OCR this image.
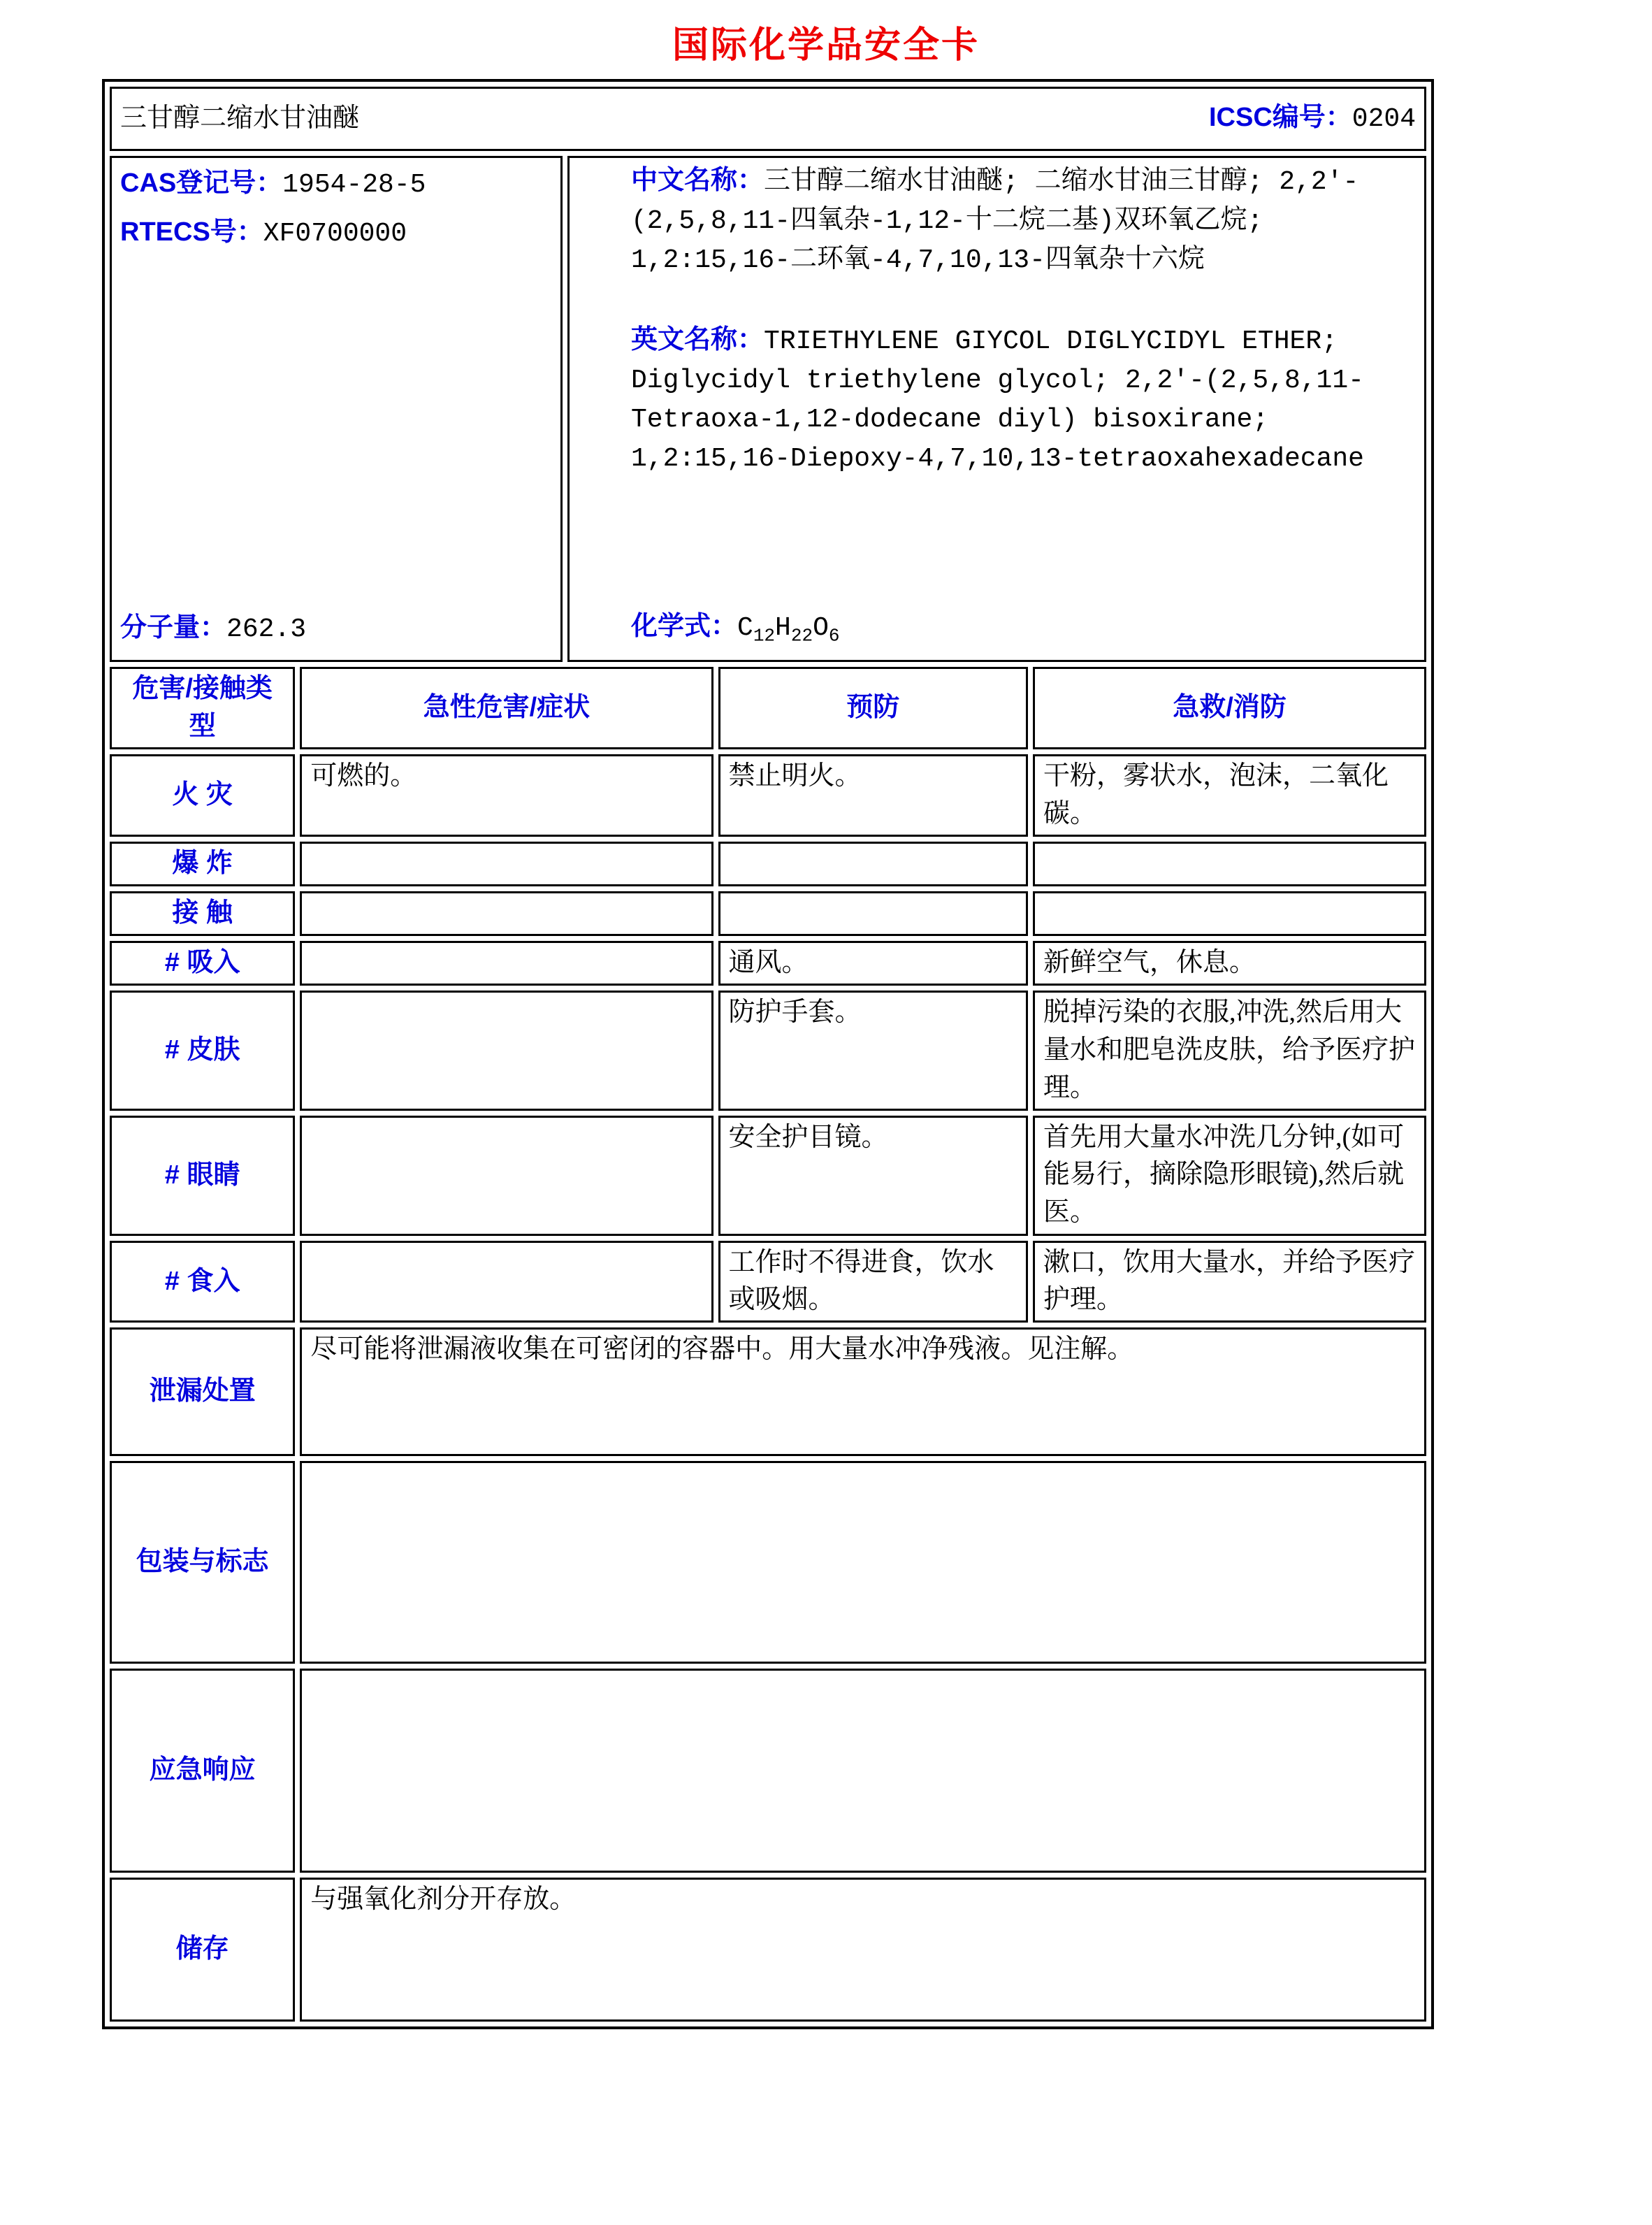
国际化学品安全卡
三甘醇二缩水甘油醚 ICSC编号：0204			

CAS登记号：1954-28-5
RTECS号：XF0700000
分子量：262.3
中文名称：三甘醇二缩水甘油醚; 二缩水甘油三甘醇; 2,2'-(2,5,8,11-四氧杂-1,12-十二烷二基)双环氧乙烷; 1,2:15,16-二环氧-4,7,10,13-四氧杂十六烷
英文名称：TRIETHYLENE GIYCOL DIGLYCIDYL ETHER; Diglycidyl triethylene glycol; 2,2'-(2,5,8,11-Tetraoxa-1,12-dodecane diyl) bisoxirane; 1,2:15,16-Diepoxy-4,7,10,13-tetraoxahexadecane
化学式：$C_{12}H_{22}O_6$

危害/接触类型	急性危害/症状	预防	急救/消防
火 灾	可燃的。	禁止明火。	干粉，雾状水，泡沫，二氧化碳。
爆 炸			
接 触			
# 吸入		通风。	新鲜空气，休息。
# 皮肤		防护手套。	脱掉污染的衣服,冲洗,然后用大量水和肥皂洗皮肤，给予医疗护理。
# 眼睛		安全护目镜。	首先用大量水冲洗几分钟,(如可能易行，摘除隐形眼镜),然后就医。
# 食入		工作时不得进食，饮水或吸烟。	漱口，饮用大量水，并给予医疗护理。
泄漏处置	尽可能将泄漏液收集在可密闭的容器中。用大量水冲净残液。见注解。		
包装与标志			
应急响应			
储存	与强氧化剂分开存放。		
